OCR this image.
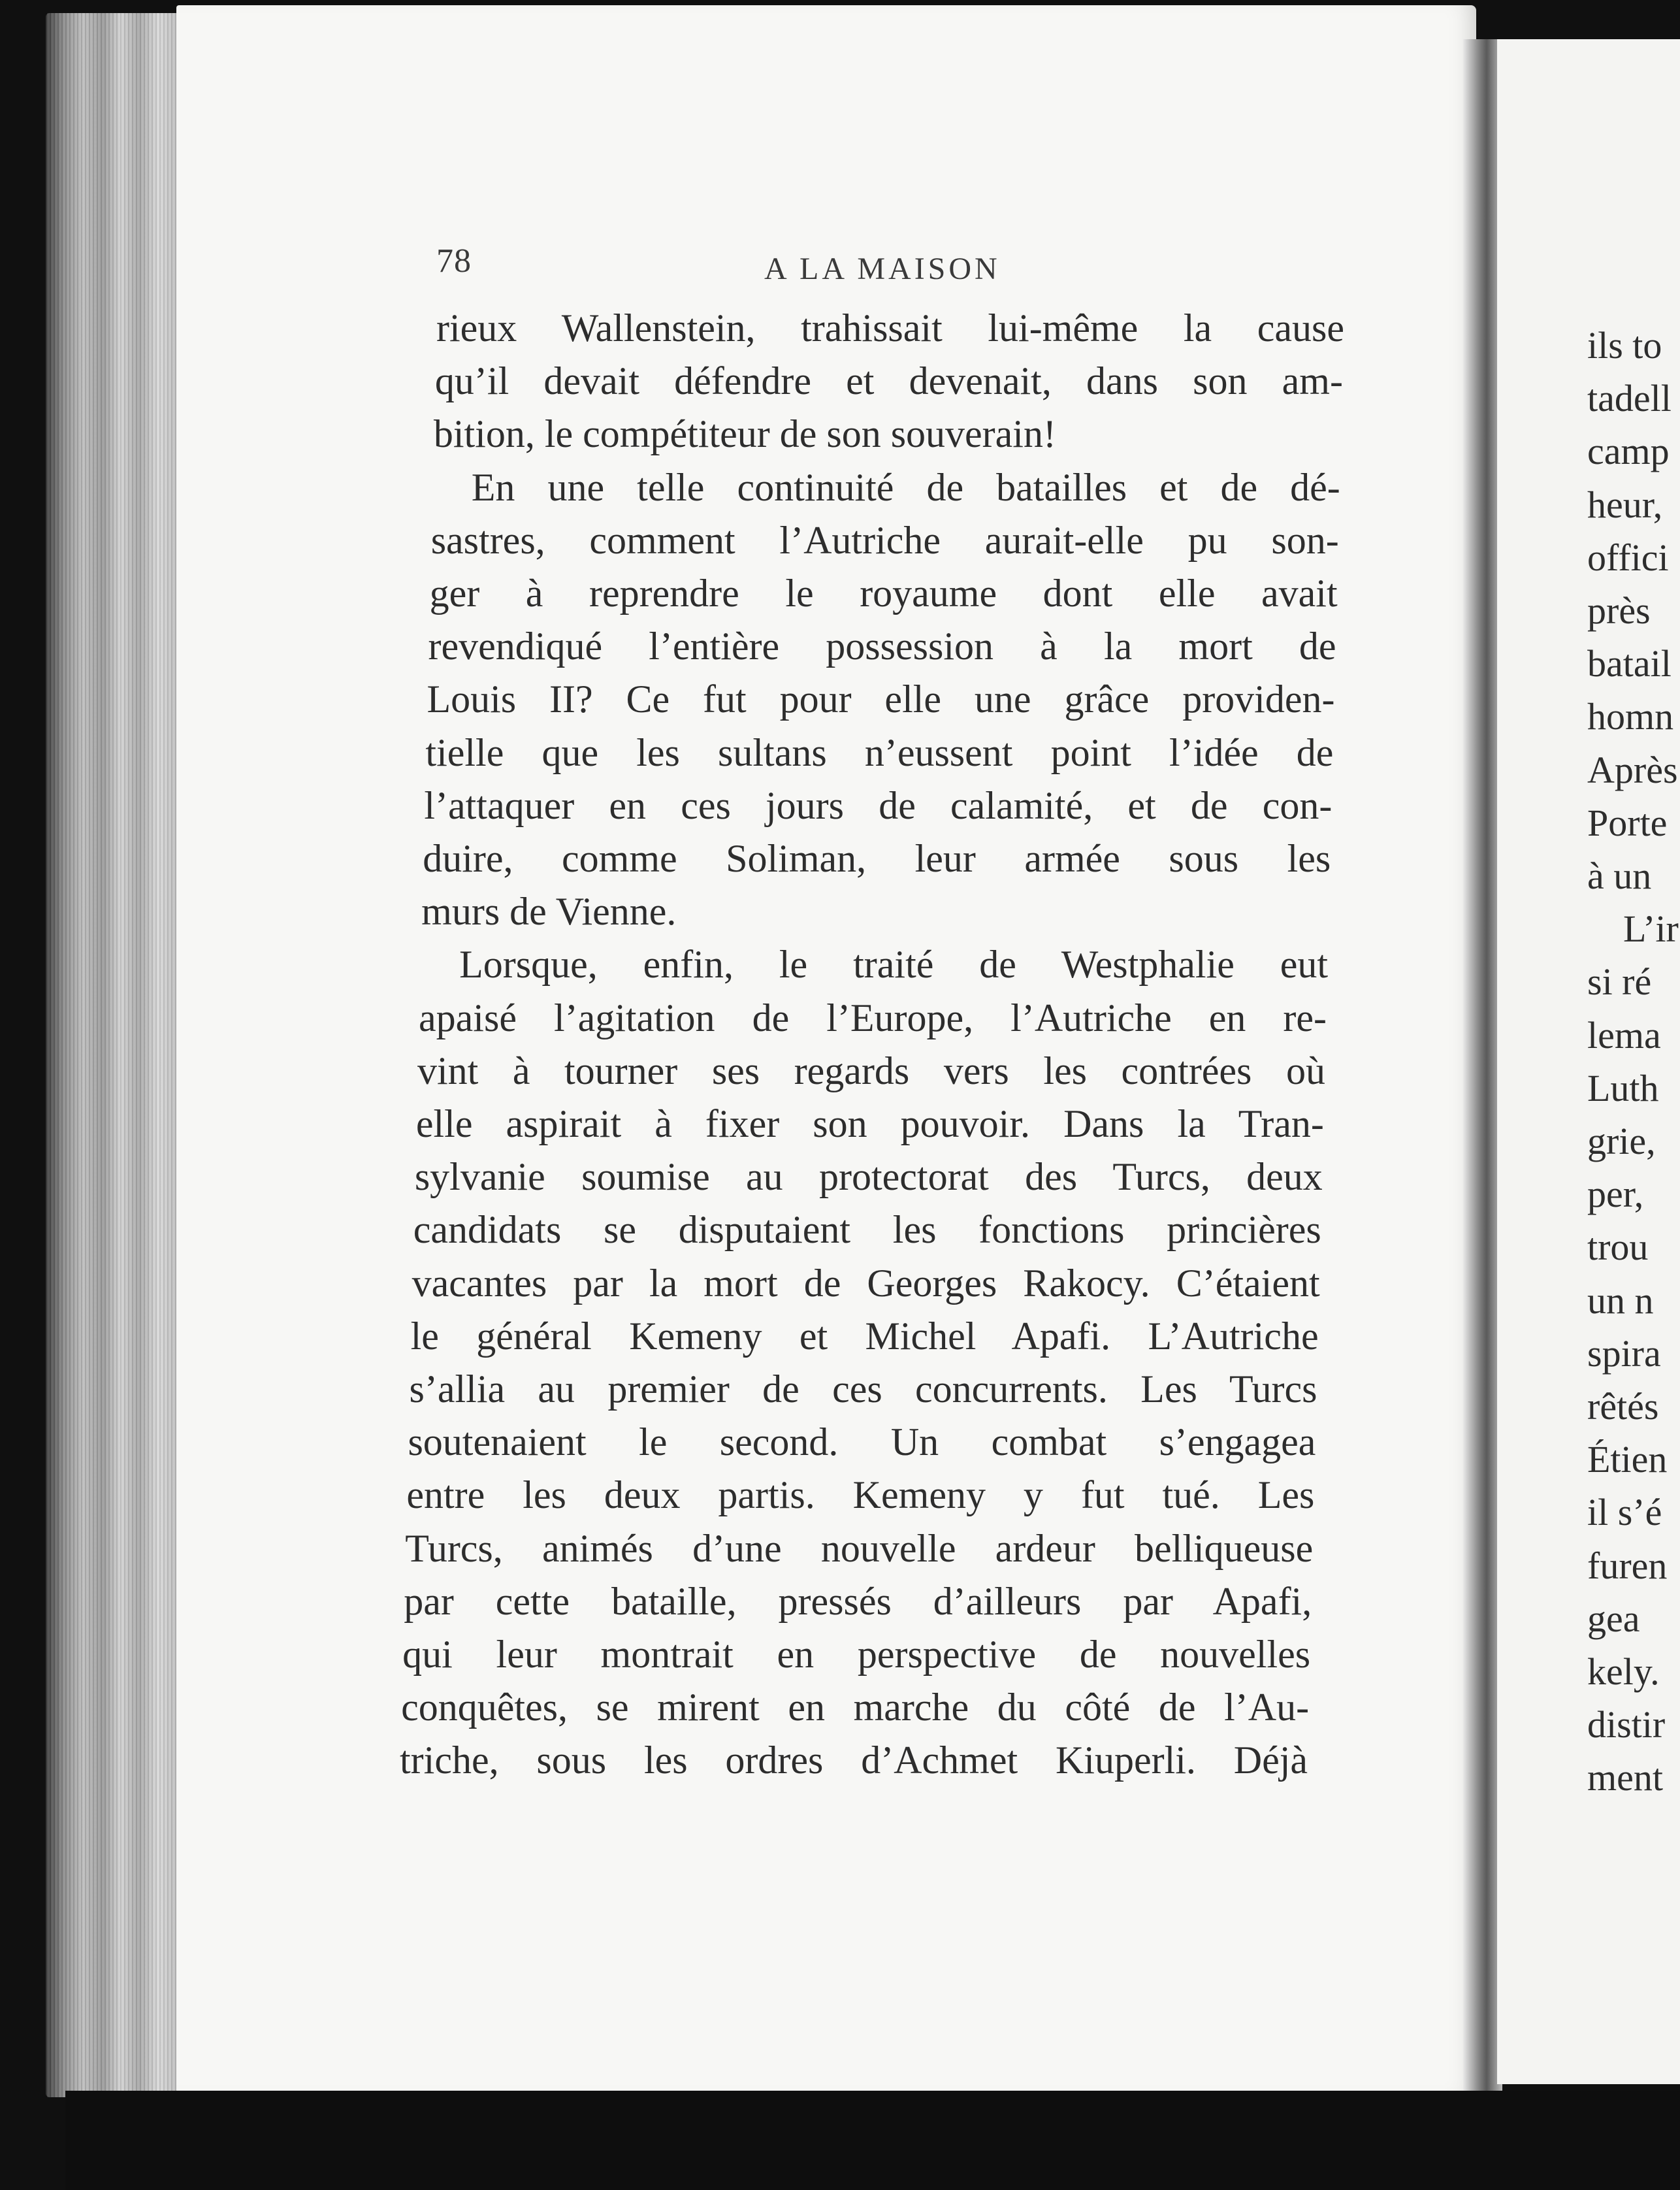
78	A LA MAISON
rieux Wallenstein, trahissait lui-même la cause
qu’il devait défendre et devenait, dans son am-
bition, le compétiteur de son souverain!
En une telle continuité de batailles et de dé-
sastres, comment l’Autriche aurait-elle pu son-
ger à reprendre le royaume dont elle avait
revendiqué l’entière possession à la mort de
Louis II? Ce fut pour elle une grâce providen-
tielle que les sultans n’eussent point l’idée de
l’attaquer en ces jours de calamité, et de con-
duire, comme Soliman, leur armée sous les
murs de Vienne.
Lorsque, enfin, le traité de Westphalie eut
apaisé l’agitation de l’Europe, l’Autriche en re-
vint à tourner ses regards vers les contrées où
elle aspirait à fixer son pouvoir. Dans la Tran-
sylvanie soumise au protectorat des Turcs, deux
candidats se disputaient les fonctions princières
vacantes par la mort de Georges Rakocy. C’étaient
le général Kemeny et Michel Apafi. L’Autriche
s’allia au premier de ces concurrents. Les Turcs
soutenaient le second. Un combat s’engagea
entre les deux partis. Kemeny y fut tué. Les
Turcs, animés d’une nouvelle ardeur belliqueuse
par cette bataille, pressés d’ailleurs par Apafi,
qui leur montrait en perspective de nouvelles
conquêtes, se mirent en marche du côté de l’Au-
triche, sous les ordres d’Achmet Kiuperli. Déjà
ils to
tadell
camp
heur,
offici
près
batail
homn
Après
Porte
à un
L’ir
si ré
lema
Luth
grie,
per,
trou
un n
spira
rêtés
Étien
il s’é
furen
gea
kely.
distir
ment
